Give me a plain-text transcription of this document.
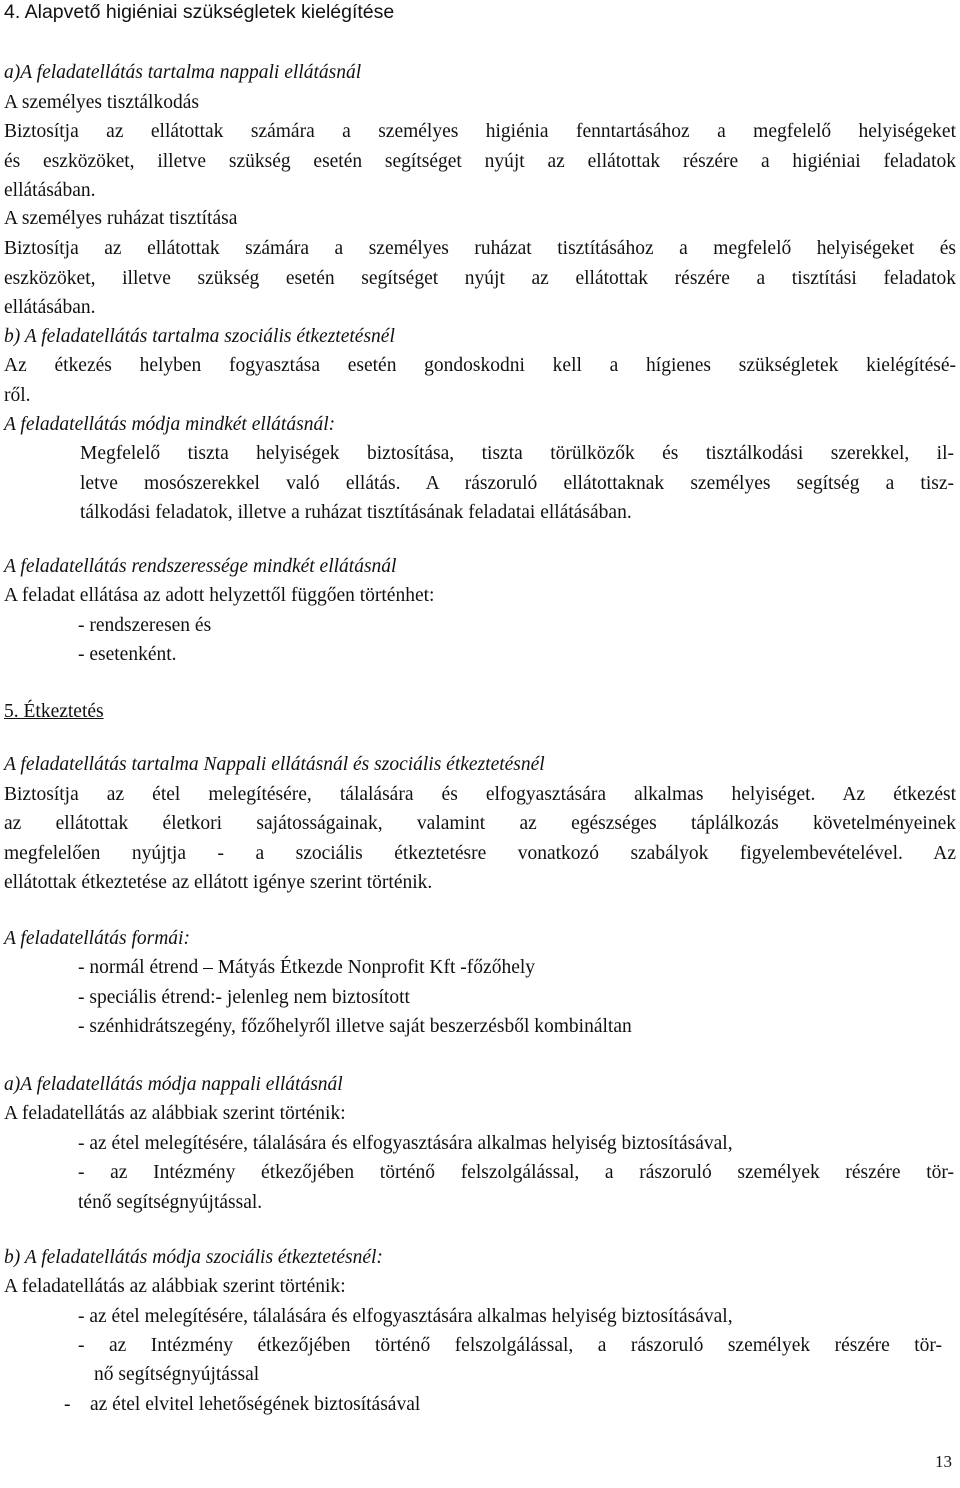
4. Alapvető higiéniai szükségletek kielégítése
a)A feladatellátás tartalma nappali ellátásnál
A személyes tisztálkodás
Biztosítja az ellátottak számára a személyes higiénia fenntartásához a megfelelő helyiségeket
és eszközöket, illetve szükség esetén segítséget nyújt az ellátottak részére a higiéniai feladatok
ellátásában.
A személyes ruházat tisztítása
Biztosítja az ellátottak számára a személyes ruházat tisztításához a megfelelő helyiségeket és
eszközöket, illetve szükség esetén segítséget nyújt az ellátottak részére a tisztítási feladatok
ellátásában.
b) A feladatellátás tartalma szociális étkeztetésnél
Az étkezés helyben fogyasztása esetén gondoskodni kell a hígienes szükségletek kielégítésé-
ről.
A feladatellátás módja mindkét ellátásnál:
Megfelelő tiszta helyiségek biztosítása, tiszta törülközők és tisztálkodási szerekkel, il-
letve mosószerekkel való ellátás. A rászoruló ellátottaknak személyes segítség a tisz-
tálkodási feladatok, illetve a ruházat tisztításának feladatai ellátásában.
A feladatellátás rendszeressége mindkét ellátásnál
A feladat ellátása az adott helyzettől függően történhet:
- rendszeresen és
- esetenként.
5. Étkeztetés
A feladatellátás tartalma Nappali ellátásnál és szociális étkeztetésnél
Biztosítja az étel melegítésére, tálalására és elfogyasztására alkalmas helyiséget. Az étkezést
az ellátottak életkori sajátosságainak, valamint az egészséges táplálkozás követelményeinek
megfelelően nyújtja - a szociális étkeztetésre vonatkozó szabályok figyelembevételével. Az
ellátottak étkeztetése az ellátott igénye szerint történik.
A feladatellátás formái:
- normál étrend – Mátyás Étkezde Nonprofit Kft -főzőhely
- speciális étrend:- jelenleg nem biztosított
- szénhidrátszegény, főzőhelyről illetve saját beszerzésből kombináltan
a)A feladatellátás módja nappali ellátásnál
A feladatellátás az alábbiak szerint történik:
- az étel melegítésére, tálalására és elfogyasztására alkalmas helyiség biztosításával,
- az Intézmény étkezőjében történő felszolgálással, a rászoruló személyek részére tör-
ténő segítségnyújtással.
b) A feladatellátás módja szociális étkeztetésnél:
A feladatellátás az alábbiak szerint történik:
- az étel melegítésére, tálalására és elfogyasztására alkalmas helyiség biztosításával,
- az Intézmény étkezőjében történő felszolgálással, a rászoruló személyek részére tör-
nő segítségnyújtással
-    az étel elvitel lehetőségének biztosításával
13
